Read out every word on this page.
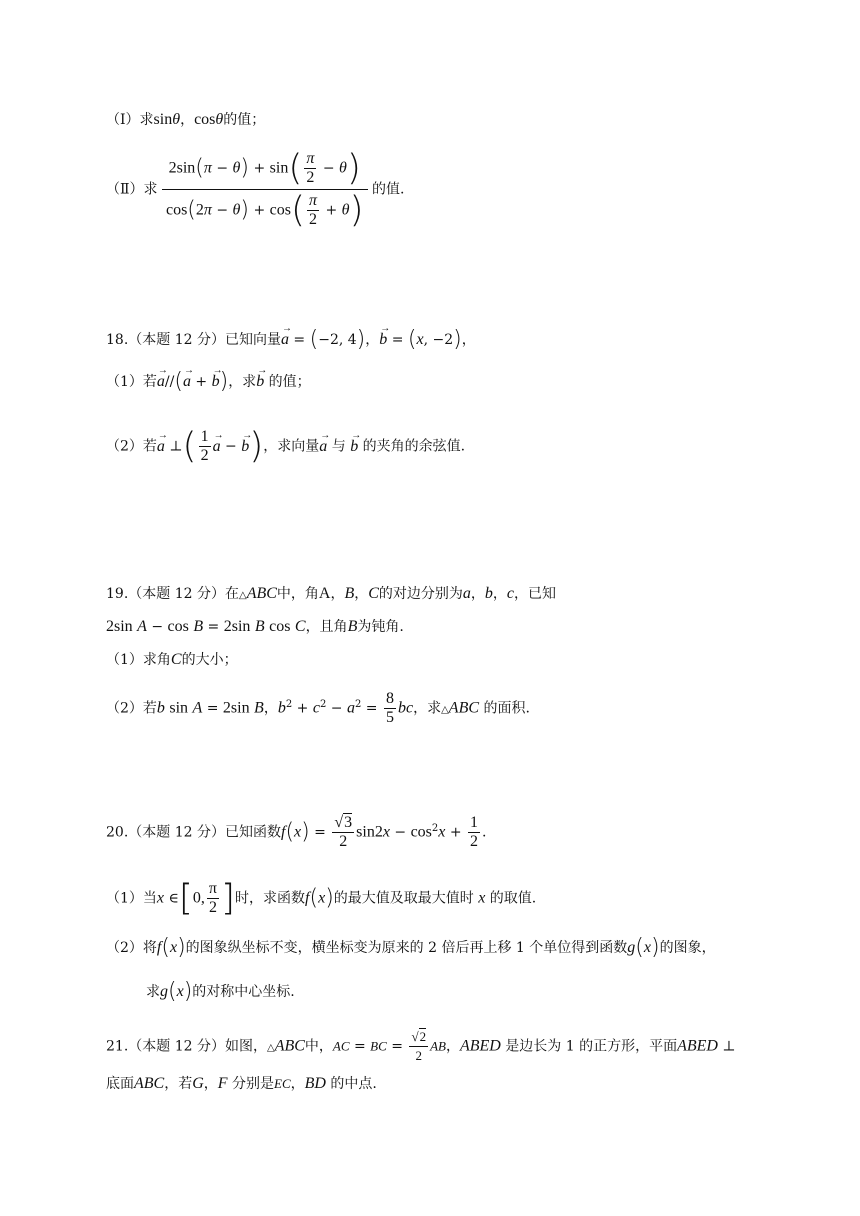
（Ⅰ）求sinθ，cosθ的值；
（Ⅱ）求 $\frac{2\sin(\pi - \theta) + \sin( \frac{\pi}{2} - \theta)}{\cos(2\pi - \theta) + \cos( \frac{\pi}{2} + \theta)}$ 的值.
18.（本题 12 分）已知向量→ a = (−2, 4)，→ b = (x, −2)，
（1）若→ a//(→ a + → b)，求→ b 的值；
（2）若→ a ⊥( $\frac{1}{2}$
→ a − → b)，求向量→ a 与 → b 的夹角的余弦值.
19.（本题 12 分）在△ABC中，角A，B，C的对边分别为a，b，c，已知
2sin A − cos B = 2sin B cos C，且角B为钝角.
（1）求角C的大小；
（2）若b sin A = 2sin B，$b^2 + c^2 - a^2 = \frac{8}{5}$ bc，求△ABC 的面积.
20.（本题 12 分）已知函数$f(x) = \frac{√3}{2} \sin 2x - \cos^2x + \frac{1}{2}$ .
（1）当x ∈[0, $\frac{\pi}{2}$ ]时，求函数f(x)的最大值及取最大值时 x 的取值.
（2）将f(x)的图象纵坐标不变，横坐标变为原来的 2 倍后再上移 1 个单位得到函数g(x)的图象，
求g(x)的对称中心坐标.
21.（本题 12 分）如图，△ABC中，AC = BC = $\frac{√2}{2}$ AB，ABED 是边长为 1 的正方形，平面ABED ⊥
底面ABC，若G，F 分别是EC，BD 的中点.
